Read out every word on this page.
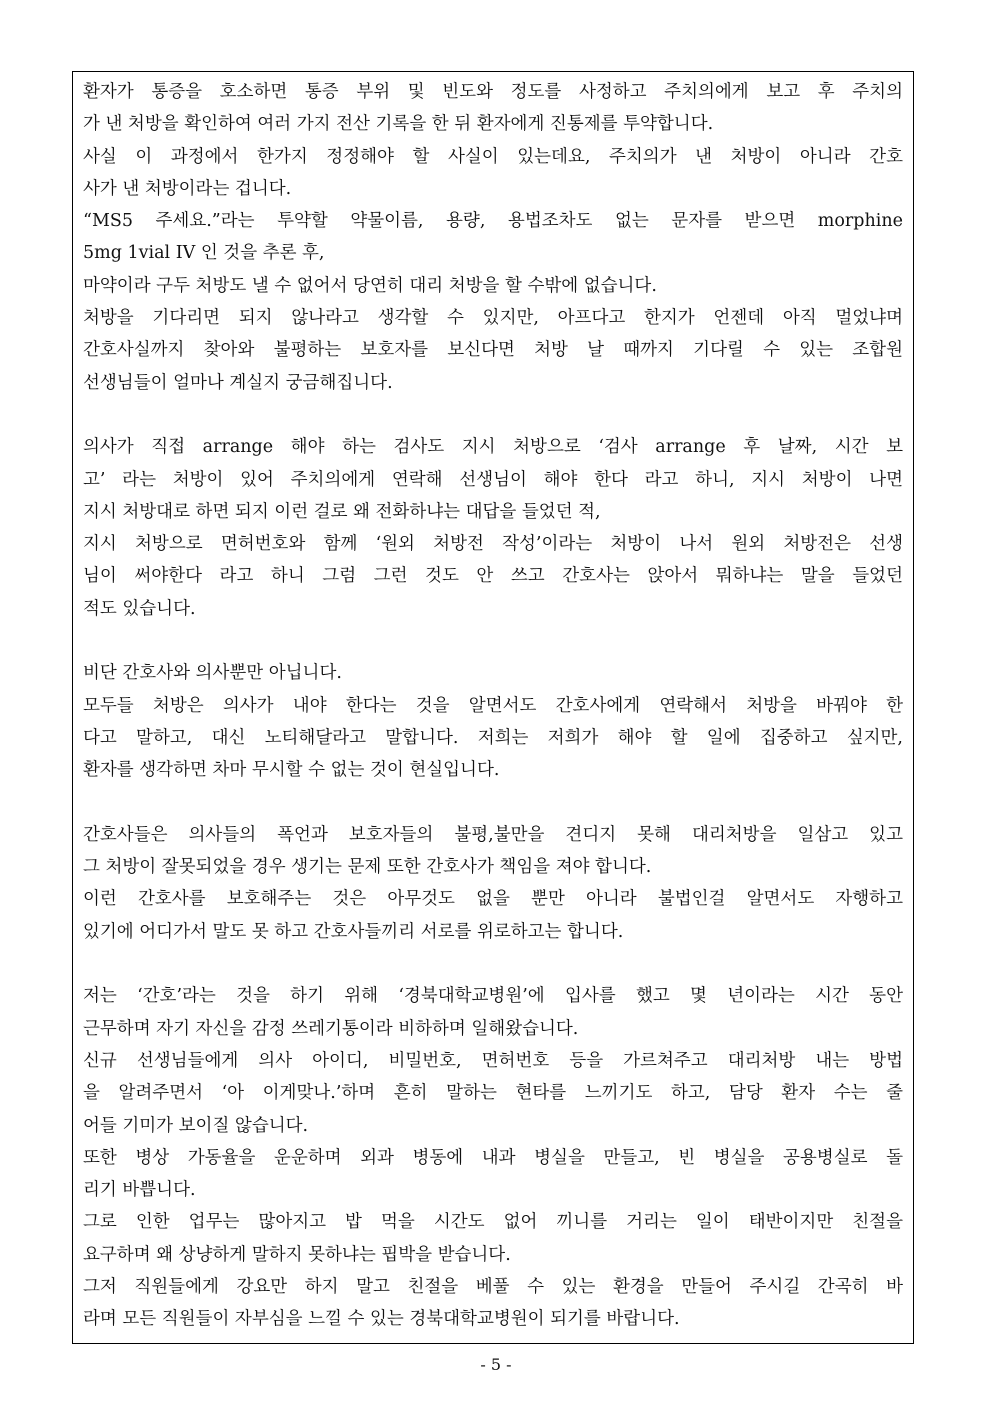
환자가 통증을 호소하면 통증 부위 및 빈도와 정도를 사정하고 주치의에게 보고 후 주치의
가 낸 처방을 확인하여 여러 가지 전산 기록을 한 뒤 환자에게 진통제를 투약합니다.
사실 이 과정에서 한가지 정정해야 할 사실이 있는데요, 주치의가 낸 처방이 아니라 간호
사가 낸 처방이라는 겁니다.
“MS5 주세요.”라는 투약할 약물이름, 용량, 용법조차도 없는 문자를 받으면 morphine
5mg 1vial IV 인 것을 추론 후,
마약이라 구두 처방도 낼 수 없어서 당연히 대리 처방을 할 수밖에 없습니다.
처방을 기다리면 되지 않나라고 생각할 수 있지만, 아프다고 한지가 언젠데 아직 멀었냐며
간호사실까지 찾아와 불평하는 보호자를 보신다면 처방 날 때까지 기다릴 수 있는 조합원
선생님들이 얼마나 계실지 궁금해집니다.
의사가 직접 arrange 해야 하는 검사도 지시 처방으로 ‘검사 arrange 후 날짜, 시간 보
고’ 라는 처방이 있어 주치의에게 연락해 선생님이 해야 한다 라고 하니, 지시 처방이 나면
지시 처방대로 하면 되지 이런 걸로 왜 전화하냐는 대답을 들었던 적,
지시 처방으로 면허번호와 함께 ‘원외 처방전 작성’이라는 처방이 나서 원외 처방전은 선생
님이 써야한다 라고 하니 그럼 그런 것도 안 쓰고 간호사는 앉아서 뭐하냐는 말을 들었던
적도 있습니다.
비단 간호사와 의사뿐만 아닙니다.
모두들 처방은 의사가 내야 한다는 것을 알면서도 간호사에게 연락해서 처방을 바꿔야 한
다고 말하고, 대신 노티해달라고 말합니다. 저희는 저희가 해야 할 일에 집중하고 싶지만,
환자를 생각하면 차마 무시할 수 없는 것이 현실입니다.
간호사들은 의사들의 폭언과 보호자들의 불평,불만을 견디지 못해 대리처방을 일삼고 있고
그 처방이 잘못되었을 경우 생기는 문제 또한 간호사가 책임을 져야 합니다.
이런 간호사를 보호해주는 것은 아무것도 없을 뿐만 아니라 불법인걸 알면서도 자행하고
있기에 어디가서 말도 못 하고 간호사들끼리 서로를 위로하고는 합니다.
저는 ‘간호’라는 것을 하기 위해 ‘경북대학교병원’에 입사를 했고 몇 년이라는 시간 동안
근무하며 자기 자신을 감정 쓰레기통이라 비하하며 일해왔습니다.
신규 선생님들에게 의사 아이디, 비밀번호, 면허번호 등을 가르쳐주고 대리처방 내는 방법
을 알려주면서 ‘아 이게맞나.’하며 흔히 말하는 현타를 느끼기도 하고, 담당 환자 수는 줄
어들 기미가 보이질 않습니다.
또한 병상 가동율을 운운하며 외과 병동에 내과 병실을 만들고, 빈 병실을 공용병실로 돌
리기 바쁩니다.
그로 인한 업무는 많아지고 밥 먹을 시간도 없어 끼니를 거리는 일이 태반이지만 친절을
요구하며 왜 상냥하게 말하지 못하냐는 핍박을 받습니다.
그저 직원들에게 강요만 하지 말고 친절을 베풀 수 있는 환경을 만들어 주시길 간곡히 바
라며 모든 직원들이 자부심을 느낄 수 있는 경북대학교병원이 되기를 바랍니다.
- 5 -
